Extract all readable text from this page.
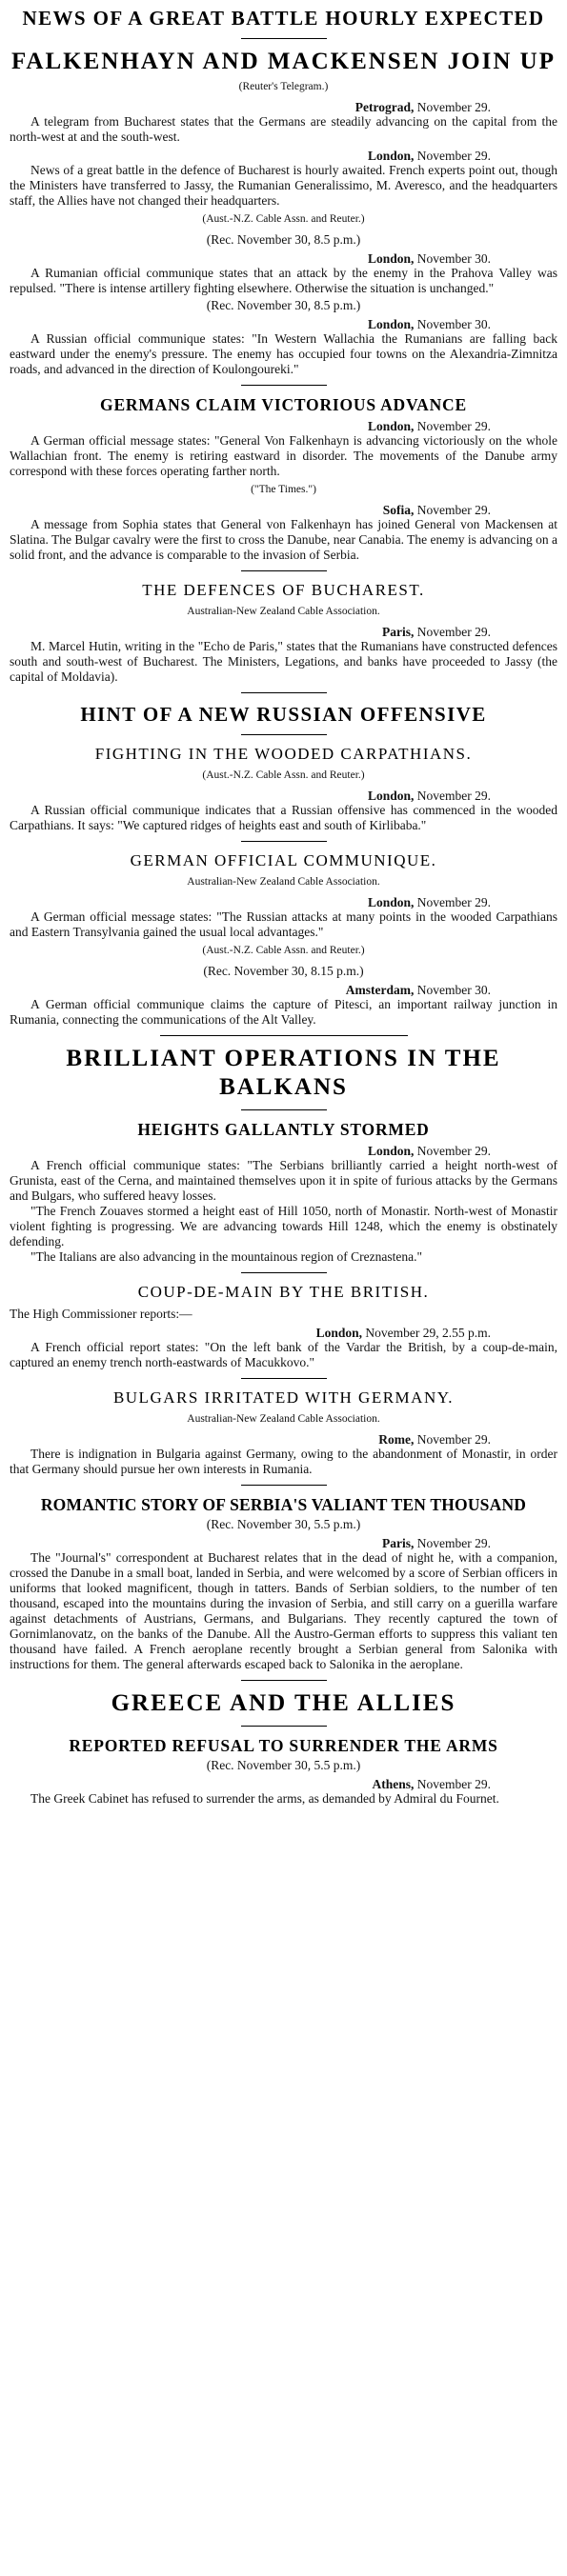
NEWS OF A GREAT BATTLE HOURLY EXPECTED
FALKENHAYN AND MACKENSEN JOIN UP
(Reuter's Telegram.)
Petrograd, November 29.

A telegram from Bucharest states that the Germans are steadily advancing on the capital from the north-west at and the south-west.

London, November 29.

News of a great battle in the defence of Bucharest is hourly awaited. French experts point out, though the Ministers have transferred to Jassy, the Rumanian Generalissimo, M. Averesco, and the headquarters staff, the Allies have not changed their headquarters.

(Aust.-N.Z. Cable Assn. and Reuter.)
(Rec. November 30, 8.5 p.m.)
London, November 30.

A Rumanian official communique states that an attack by the enemy in the Prahova Valley was repulsed. "There is intense artillery fighting elsewhere. Otherwise the situation is unchanged."

(Rec. November 30, 8.5 p.m.)
London, November 30.

A Russian official communique states: "In Western Wallachia the Rumanians are falling back eastward under the enemy's pressure. The enemy has occupied four towns on the Alexandria-Zimnitza roads, and advanced in the direction of Koulongoureki."

GERMANS CLAIM VICTORIOUS ADVANCE
London, November 29.

A German official message states: "General Von Falkenhayn is advancing victoriously on the whole Wallachian front. The enemy is retiring eastward in disorder. The movements of the Danube army correspond with these forces operating farther north.

("The Times.")
Sofia, November 29.

A message from Sophia states that General von Falkenhayn has joined General von Mackensen at Slatina. The Bulgar cavalry were the first to cross the Danube, near Canabia. The enemy is advancing on a solid front, and the advance is comparable to the invasion of Serbia.

THE DEFENCES OF BUCHAREST.
Australian-New Zealand Cable Association.
Paris, November 29.

M. Marcel Hutin, writing in the "Echo de Paris," states that the Rumanians have constructed defences south and south-west of Bucharest. The Ministers, Legations, and banks have proceeded to Jassy (the capital of Moldavia).

HINT OF A NEW RUSSIAN OFFENSIVE
FIGHTING IN THE WOODED CARPATHIANS.
(Aust.-N.Z. Cable Assn. and Reuter.)
London, November 29.

A Russian official communique indicates that a Russian offensive has commenced in the wooded Carpathians. It says: "We captured ridges of heights east and south of Kirlibaba."

GERMAN OFFICIAL COMMUNIQUE.
Australian-New Zealand Cable Association.
London, November 29.

A German official message states: "The Russian attacks at many points in the wooded Carpathians and Eastern Transylvania gained the usual local advantages."

(Aust.-N.Z. Cable Assn. and Reuter.)
(Rec. November 30, 8.15 p.m.)
Amsterdam, November 30.

A German official communique claims the capture of Pitesci, an important railway junction in Rumania, connecting the communications of the Alt Valley.

BRILLIANT OPERATIONS IN THE BALKANS
HEIGHTS GALLANTLY STORMED
London, November 29.

A French official communique states: "The Serbians brilliantly carried a height north-west of Grunista, east of the Cerna, and maintained themselves upon it in spite of furious attacks by the Germans and Bulgars, who suffered heavy losses.

"The French Zouaves stormed a height east of Hill 1050, north of Monastir. North-west of Monastir violent fighting is progressing. We are advancing towards Hill 1248, which the enemy is obstinately defending.

"The Italians are also advancing in the mountainous region of Creznastena."

COUP-DE-MAIN BY THE BRITISH.

The High Commissioner reports:—

London, November 29, 2.55 p.m.

A French official report states: "On the left bank of the Vardar the British, by a coup-de-main, captured an enemy trench north-eastwards of Macukkovo."

BULGARS IRRITATED WITH GERMANY.
Australian-New Zealand Cable Association.
Rome, November 29.

There is indignation in Bulgaria against Germany, owing to the abandonment of Monastir, in order that Germany should pursue her own interests in Rumania.

ROMANTIC STORY OF SERBIA'S VALIANT TEN THOUSAND
(Rec. November 30, 5.5 p.m.)
Paris, November 29.

The "Journal's" correspondent at Bucharest relates that in the dead of night he, with a companion, crossed the Danube in a small boat, landed in Serbia, and were welcomed by a score of Serbian officers in uniforms that looked magnificent, though in tatters. Bands of Serbian soldiers, to the number of ten thousand, escaped into the mountains during the invasion of Serbia, and still carry on a guerilla warfare against detachments of Austrians, Germans, and Bulgarians. They recently captured the town of Gornimlanovatz, on the banks of the Danube. All the Austro-German efforts to suppress this valiant ten thousand have failed. A French aeroplane recently brought a Serbian general from Salonika with instructions for them. The general afterwards escaped back to Salonika in the aeroplane.

GREECE AND THE ALLIES
REPORTED REFUSAL TO SURRENDER THE ARMS
(Rec. November 30, 5.5 p.m.)
Athens, November 29.

The Greek Cabinet has refused to surrender the arms, as demanded by Admiral du Fournet.
